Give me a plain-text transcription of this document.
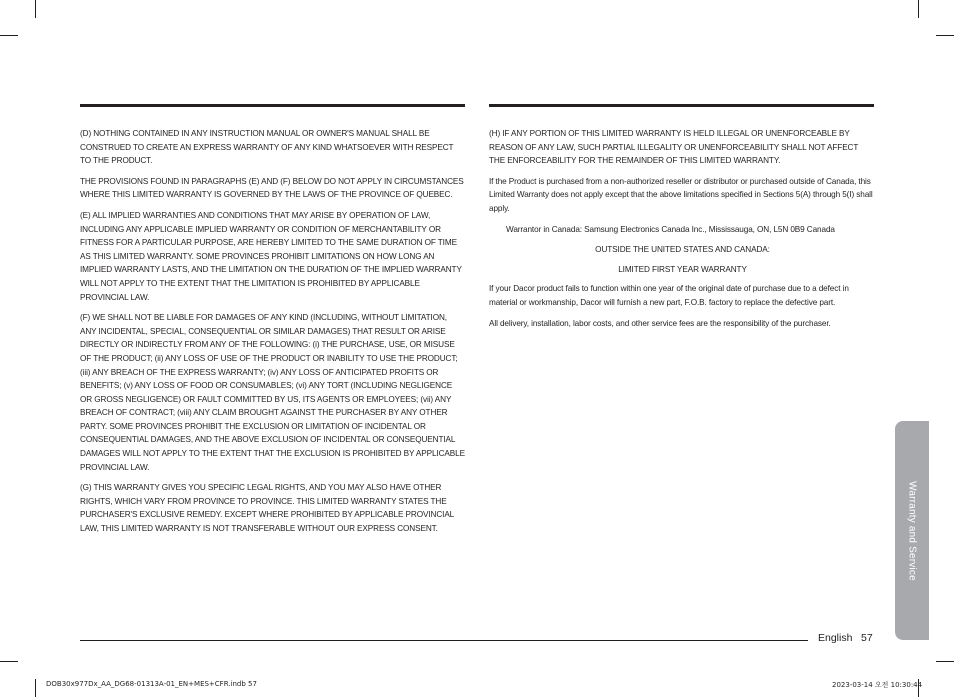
(D) NOTHING CONTAINED IN ANY INSTRUCTION MANUAL OR OWNER'S MANUAL SHALL BE CONSTRUED TO CREATE AN EXPRESS WARRANTY OF ANY KIND WHATSOEVER WITH RESPECT TO THE PRODUCT.

THE PROVISIONS FOUND IN PARAGRAPHS (E) AND (F) BELOW DO NOT APPLY IN CIRCUMSTANCES WHERE THIS LIMITED WARRANTY IS GOVERNED BY THE LAWS OF THE PROVINCE OF QUEBEC.

(E) ALL IMPLIED WARRANTIES AND CONDITIONS THAT MAY ARISE BY OPERATION OF LAW, INCLUDING ANY APPLICABLE IMPLIED WARRANTY OR CONDITION OF MERCHANTABILITY OR FITNESS FOR A PARTICULAR PURPOSE, ARE HEREBY LIMITED TO THE SAME DURATION OF TIME AS THIS LIMITED WARRANTY. SOME PROVINCES PROHIBIT LIMITATIONS ON HOW LONG AN IMPLIED WARRANTY LASTS, AND THE LIMITATION ON THE DURATION OF THE IMPLIED WARRANTY WILL NOT APPLY TO THE EXTENT THAT THE LIMITATION IS PROHIBITED BY APPLICABLE PROVINCIAL LAW.

(F) WE SHALL NOT BE LIABLE FOR DAMAGES OF ANY KIND (INCLUDING, WITHOUT LIMITATION, ANY INCIDENTAL, SPECIAL, CONSEQUENTIAL OR SIMILAR DAMAGES) THAT RESULT OR ARISE DIRECTLY OR INDIRECTLY FROM ANY OF THE FOLLOWING: (i) THE PURCHASE, USE, OR MISUSE OF THE PRODUCT; (ii) ANY LOSS OF USE OF THE PRODUCT OR INABILITY TO USE THE PRODUCT; (iii) ANY BREACH OF THE EXPRESS WARRANTY; (iv) ANY LOSS OF ANTICIPATED PROFITS OR BENEFITS; (v) ANY LOSS OF FOOD OR CONSUMABLES; (vi) ANY TORT (INCLUDING NEGLIGENCE OR GROSS NEGLIGENCE) OR FAULT COMMITTED BY US, ITS AGENTS OR EMPLOYEES; (vii) ANY BREACH OF CONTRACT; (viii) ANY CLAIM BROUGHT AGAINST THE PURCHASER BY ANY OTHER PARTY. SOME PROVINCES PROHIBIT THE EXCLUSION OR LIMITATION OF INCIDENTAL OR CONSEQUENTIAL DAMAGES, AND THE ABOVE EXCLUSION OF INCIDENTAL OR CONSEQUENTIAL DAMAGES WILL NOT APPLY TO THE EXTENT THAT THE EXCLUSION IS PROHIBITED BY APPLICABLE PROVINCIAL LAW.

(G) THIS WARRANTY GIVES YOU SPECIFIC LEGAL RIGHTS, AND YOU MAY ALSO HAVE OTHER RIGHTS, WHICH VARY FROM PROVINCE TO PROVINCE. THIS LIMITED WARRANTY STATES THE PURCHASER'S EXCLUSIVE REMEDY. EXCEPT WHERE PROHIBITED BY APPLICABLE PROVINCIAL LAW, THIS LIMITED WARRANTY IS NOT TRANSFERABLE WITHOUT OUR EXPRESS CONSENT.

(H) IF ANY PORTION OF THIS LIMITED WARRANTY IS HELD ILLEGAL OR UNENFORCEABLE BY REASON OF ANY LAW, SUCH PARTIAL ILLEGALITY OR UNENFORCEABILITY SHALL NOT AFFECT THE ENFORCEABILITY FOR THE REMAINDER OF THIS LIMITED WARRANTY.

If the Product is purchased from a non-authorized reseller or distributor or purchased outside of Canada, this Limited Warranty does not apply except that the above limitations specified in Sections 5(A) through 5(I) shall apply.

Warrantor in Canada: Samsung Electronics Canada Inc., Mississauga, ON, L5N 0B9 Canada

OUTSIDE THE UNITED STATES AND CANADA:

LIMITED FIRST YEAR WARRANTY

If your Dacor product fails to function within one year of the original date of purchase due to a defect in material or workmanship, Dacor will furnish a new part, F.O.B. factory to replace the defective part.

All delivery, installation, labor costs, and other service fees are the responsibility of the purchaser.

Warranty and Service
English 57
DOB30x977Dx_AA_DG68-01313A-01_EN+MES+CFR.indb 57	2023-03-14 오전 10:30:44
